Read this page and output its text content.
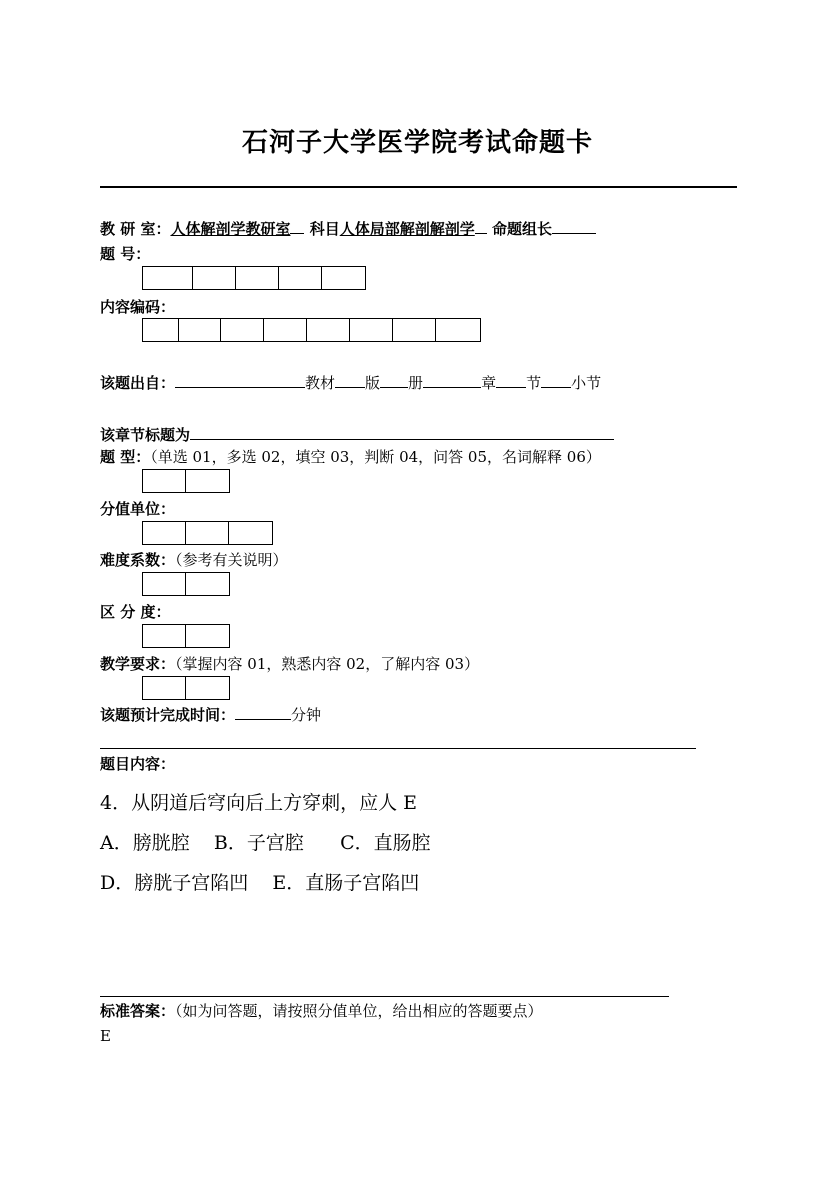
石河子大学医学院考试命题卡
教 研 室：人体解剖学教研室 科目人体局部解剖解剖学 命题组长
题 号：
内容编码：
该题出自：	教材 版 册	章 节 小节
该章节标题为
题 型：（单选 01，多选 02，填空 03，判断 04，问答 05，名词解释 06）
分值单位：
难度系数：（参考有关说明）
区 分 度：
教学要求：（掌握内容 01，熟悉内容 02，了解内容 03）
该题预计完成时间：	分钟
题目内容：
4．从阴道后穹向后上方穿刺，应人 E
A．膀胱腔    B．子宫腔      C．直肠腔
D．膀胱子宫陷凹    E．直肠子宫陷凹
标准答案：（如为问答题，请按照分值单位，给出相应的答题要点）
E
